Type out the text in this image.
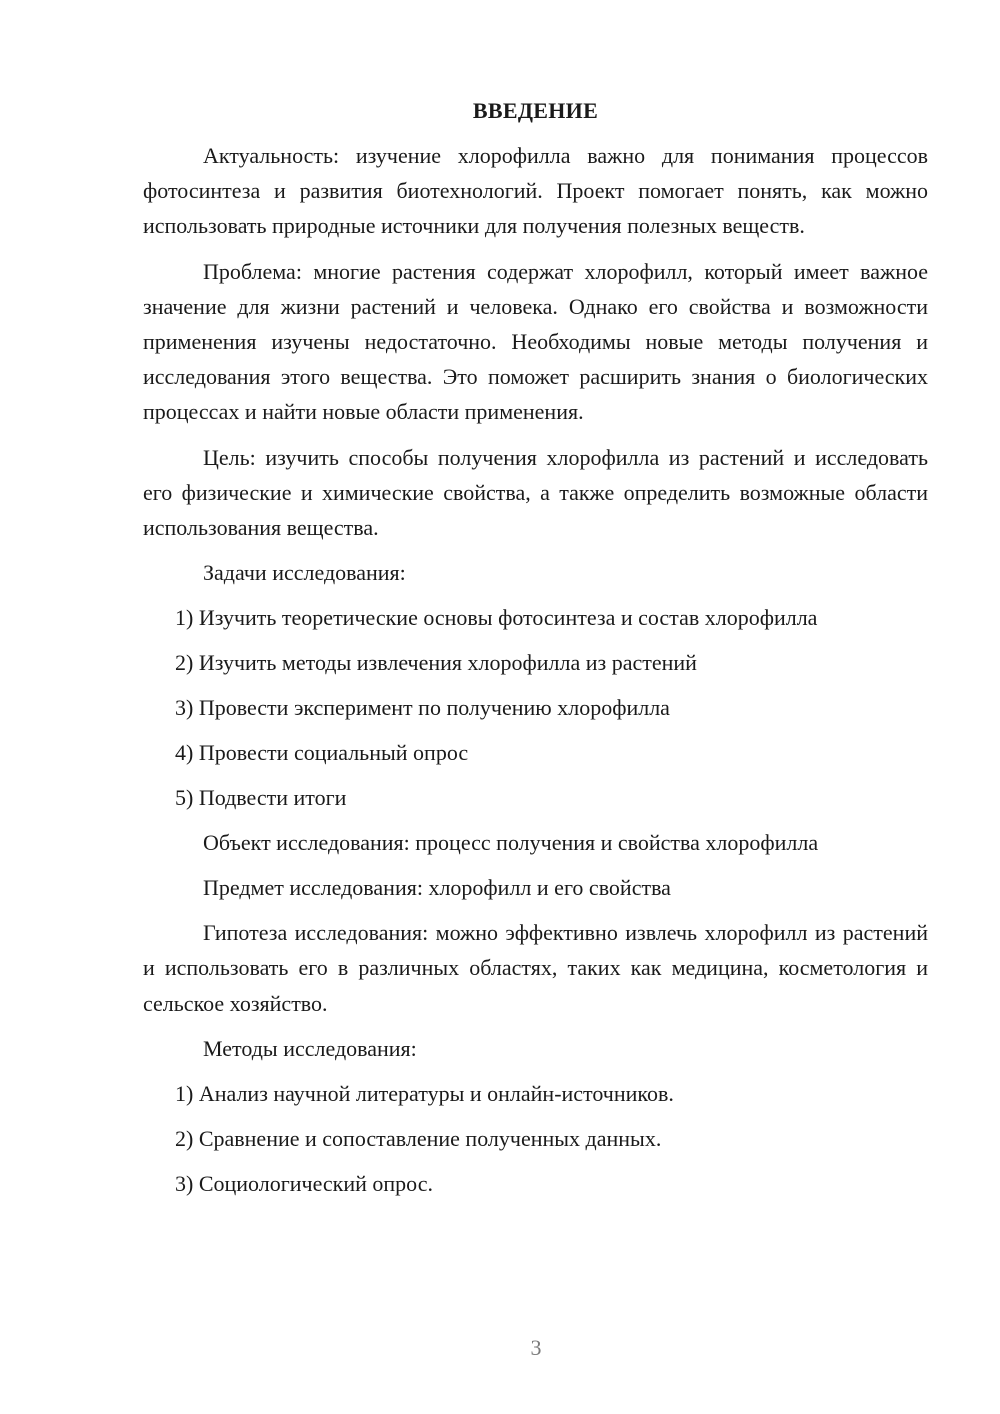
ВВЕДЕНИЕ

Актуальность: изучение хлорофилла важно для понимания процессов фотосинтеза и развития биотехнологий. Проект помогает понять, как можно использовать природные источники для получения полезных веществ.

Проблема: многие растения содержат хлорофилл, который имеет важное значение для жизни растений и человека. Однако его свойства и возможности применения изучены недостаточно. Необходимы новые методы получения и исследования этого вещества. Это поможет расширить знания о биологических процессах и найти новые области применения.

Цель: изучить способы получения хлорофилла из растений и исследовать его физические и химические свойства, а также определить возможные области использования вещества.

Задачи исследования:
1) Изучить теоретические основы фотосинтеза и состав хлорофилла
2) Изучить методы извлечения хлорофилла из растений
3) Провести эксперимент по получению хлорофилла
4) Провести социальный опрос
5) Подвести итоги
Объект исследования: процесс получения и свойства хлорофилла
Предмет исследования: хлорофилл и его свойства

Гипотеза исследования: можно эффективно извлечь хлорофилл из растений и использовать его в различных областях, таких как медицина, косметология и сельское хозяйство.

Методы исследования:
1) Анализ научной литературы и онлайн-источников.
2) Сравнение и сопоставление полученных данных.
3) Социологический опрос.
3
